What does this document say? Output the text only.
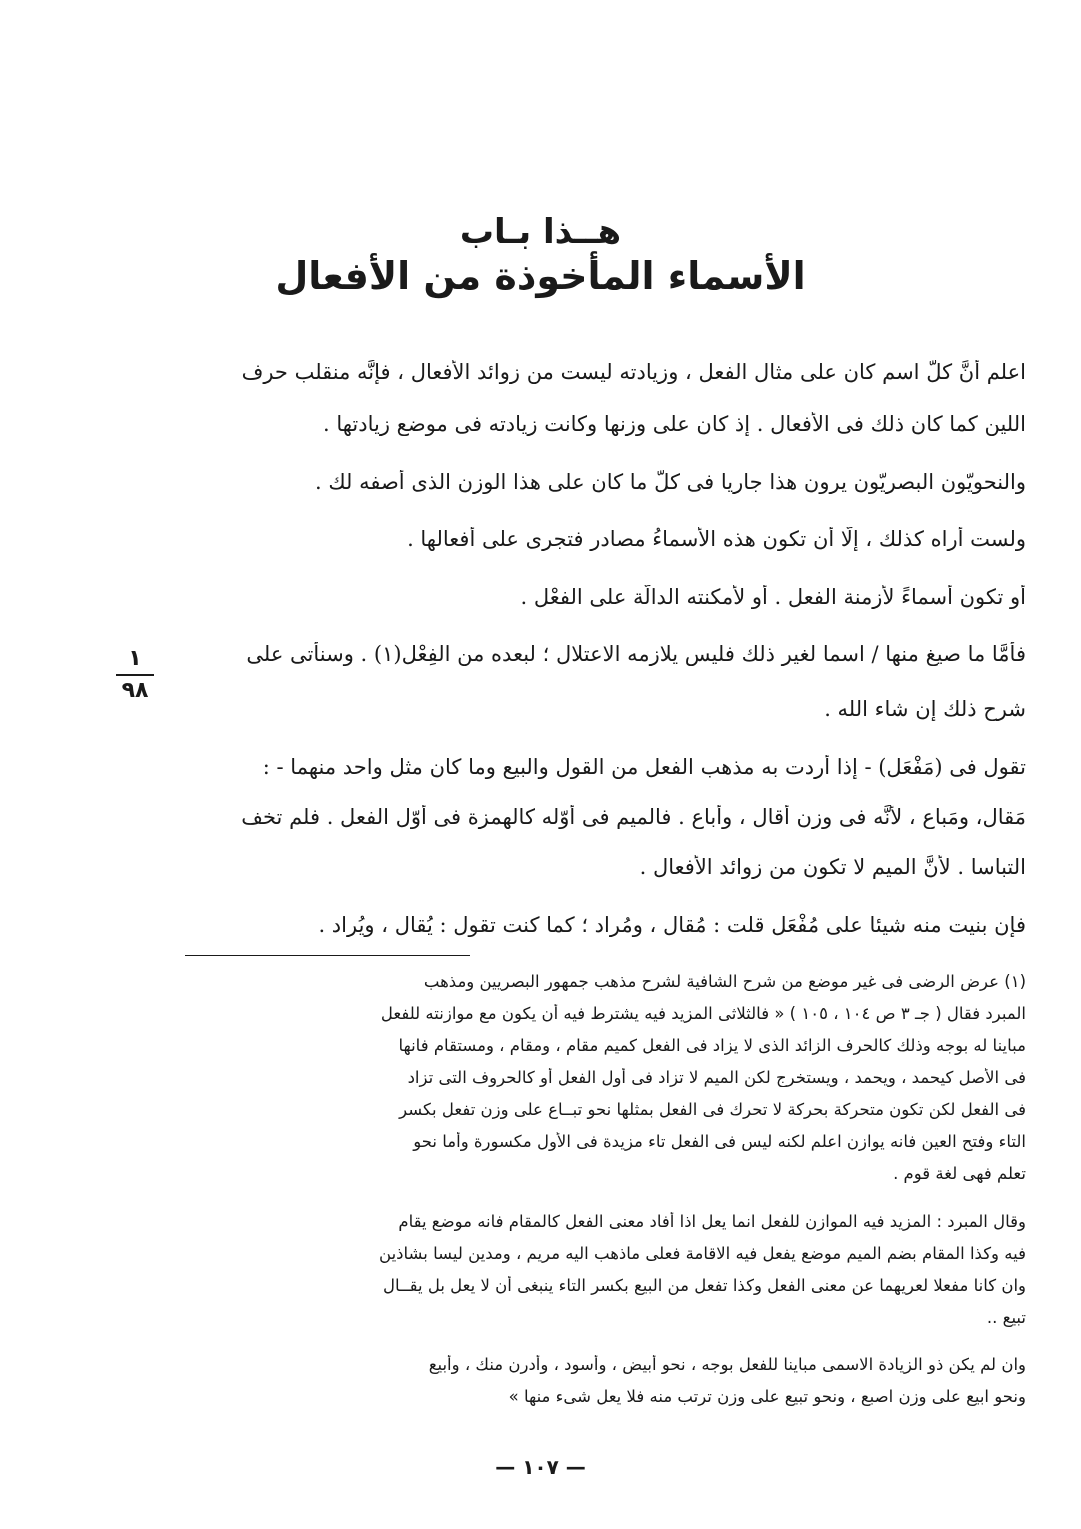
هــذا بـاب
الأسماء المأخوذة من الأفعال
اعلم أنَّ كلَّ اسم كان على مثال الفعل ، وزيادته ليست من زوائد الأفعال ، فإنَّه منقلب حرف
اللين كما كان ذلك فى الأفعال . إذ كان على وزنها وكانت زيادته فى موضع زيادتها .
والنحويّون البصريّون يرون هذا جاريا فى كلّ ما كان على هذا الوزن الذى أصفه لك .
ولست أراه كذلك ، إلَّا أن تكون هذه الأسماءُ مصادر فتجرى على أفعالها .
أو تكون أسماءً لأزمنة الفعل . أو لأمكنته الدالَّة على الفعْل .
فأمَّا ما صيغ منها / اسما لغير ذلك فليس يلازمه الاعتلال ؛ لبعده من الفِعْل(١) . وسنأتى على
شرح ذلك إن شاء الله .
تقول فى (مَفْعَل) - إذا أردت به مذهب الفعل من القول والبيع وما كان مثل واحد منهما - :
مَقال، ومَباع ، لأنَّه فى وزن أَقال ، وأَباع . فالميم فى أوّله كالهمزة فى أوّل الفعل . فلم تخف
التباسا . لأنَّ الميم لا تكون من زوائد الأفعال .
فإن بنيت منه شيئا على مُفْعَل قلت : مُقال ، ومُراد ؛ كما كنت تقول : يُقال ، ويُراد .
١
٩٨
(١) عرض الرضى فى غير موضع من شرح الشافية لشرح مذهب جمهور البصريين ومذهب
المبرد فقال ( جـ ٣ ص ١٠٤ ، ١٠٥ ) « فالثلاثى المزيد فيه يشترط فيه أن يكون مع موازنته للفعل
مباينا له بوجه وذلك كالحرف الزائد الذى لا يزاد فى الفعل كميم مقام ، ومقام ، ومستقام فانها
فى الأصل كيحمد ، ويحمد ، ويستخرج لكن الميم لا تزاد فى أول الفعل أو كالحروف التى تزاد
فى الفعل لكن تكون متحركة بحركة لا تحرك فى الفعل بمثلها نحو تبــاع على وزن تفعل بكسر
التاء وفتح العين فانه يوازن اعلم لكنه ليس فى الفعل تاء مزيدة فى الأول مكسورة وأما نحو
تعلم فهى لغة قوم .
وقال المبرد : المزيد فيه الموازن للفعل انما يعل اذا أفاد معنى الفعل كالمقام فانه موضع يقام
فيه وكذا المقام بضم الميم موضع يفعل فيه الاقامة فعلى ماذهب اليه مريم ، ومدين ليسا بشاذين
وان كانا مفعلا لعريهما عن معنى الفعل وكذا تفعل من البيع بكسر التاء ينبغى أن لا يعل بل يقــال
تبيع ..
وان لم يكن ذو الزيادة الاسمى مباينا للفعل بوجه ، نحو أبيض ، وأسود ، وأدرن منك ، وأبيع
ونحو ابيع على وزن اصبع ، ونحو تبيع على وزن ترتب منه فلا يعل شىء منها »
— ١٠٧ —
